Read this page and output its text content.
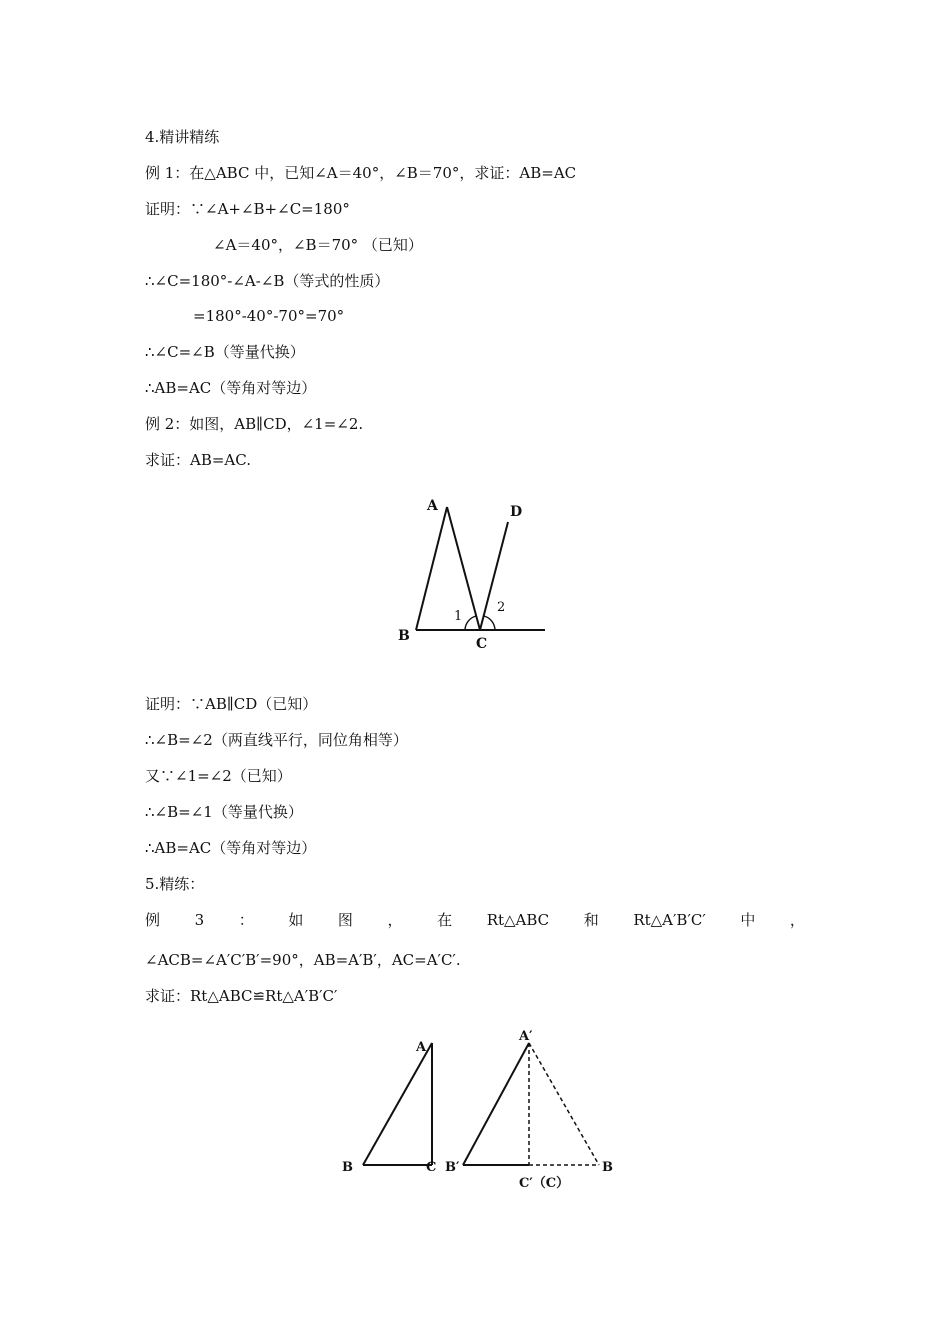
4.精讲精练
例 1：在△ABC 中，已知∠A＝40°，∠B＝70°，求证：AB=AC
证明：∵∠A+∠B+∠C=180°
∠A＝40°，∠B＝70° （已知）
∴∠C=180°-∠A-∠B（等式的性质）
=180°-40°-70°=70°
∴∠C=∠B（等量代换）
∴AB=AC（等角对等边）
例 2：如图，AB∥CD，∠1=∠2.
求证：AB=AC.
A	D
B	C
1
2
证明：∵AB∥CD（已知）
∴∠B=∠2（两直线平行，同位角相等）
又∵∠1=∠2（已知）
∴∠B=∠1（等量代换）
∴AB=AC（等角对等边）
5.精练：
例 3 ： 如 图 ， 在 Rt△ABC 和 Rt△A′B′C′ 中 ，
∠ACB=∠A′C′B′=90°，AB=A′B′，AC=A′C′.
求证：Rt△ABC≌Rt△A′B′C′
A
B	C
A′
B′	B
C′（C）
